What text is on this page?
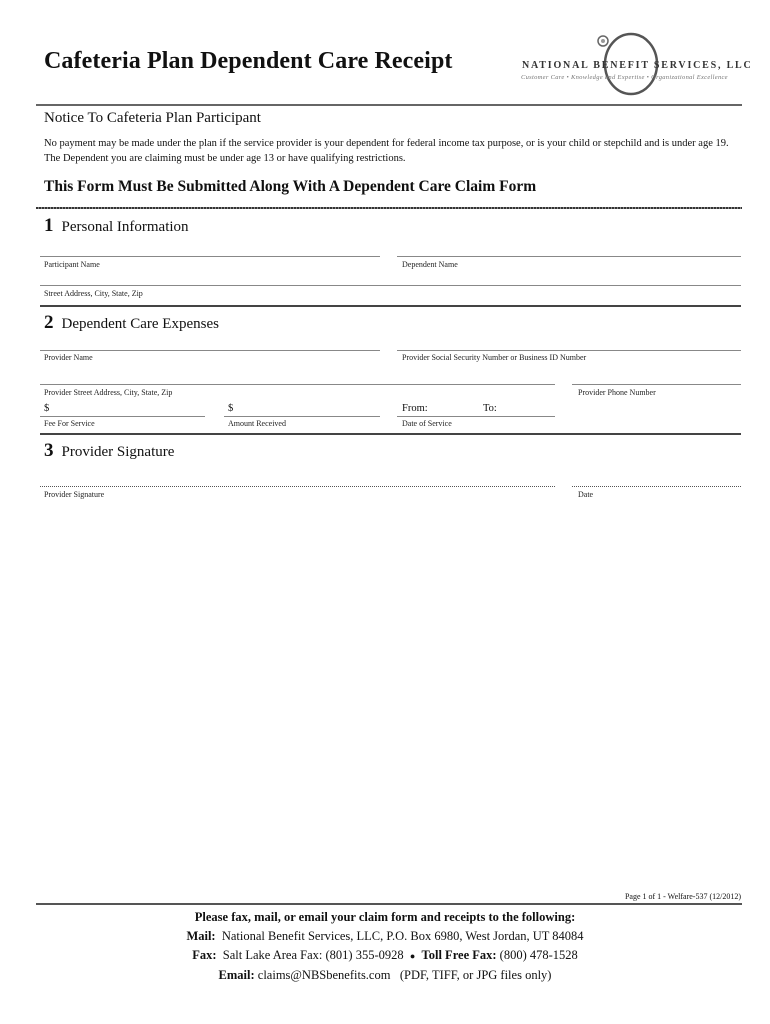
Cafeteria Plan Dependent Care Receipt	NATIONAL BENEFIT SERVICES, LLC
Customer Care • Knowledge and Expertise • Organizational Excellence
Notice To Cafeteria Plan Participant
No payment may be made under the plan if the service provider is your dependent for federal income tax purpose, or is your child or stepchild and is under age 19. The Dependent you are claiming must be under age 13 or have qualifying restrictions.
This Form Must Be Submitted Along With A Dependent Care Claim Form
1 Personal Information
Participant Name	Dependent Name
Street Address, City, State, Zip
2 Dependent Care Expenses
Provider Name	Provider Social Security Number or Business ID Number
Provider Street Address, City, State, Zip	Provider Phone Number
$
Fee For Service
$
Amount Received
From:	To:
Date of Service
3 Provider Signature
Provider Signature	Date
Page 1 of 1 - Welfare-537 (12/2012)
Please fax, mail, or email your claim form and receipts to the following:
Mail: National Benefit Services, LLC, P.O. Box 6980, West Jordan, UT 84084
Fax: Salt Lake Area Fax: (801) 355-0928 ● Toll Free Fax: (800) 478-1528
Email: claims@NBSbenefits.com (PDF, TIFF, or JPG files only)
